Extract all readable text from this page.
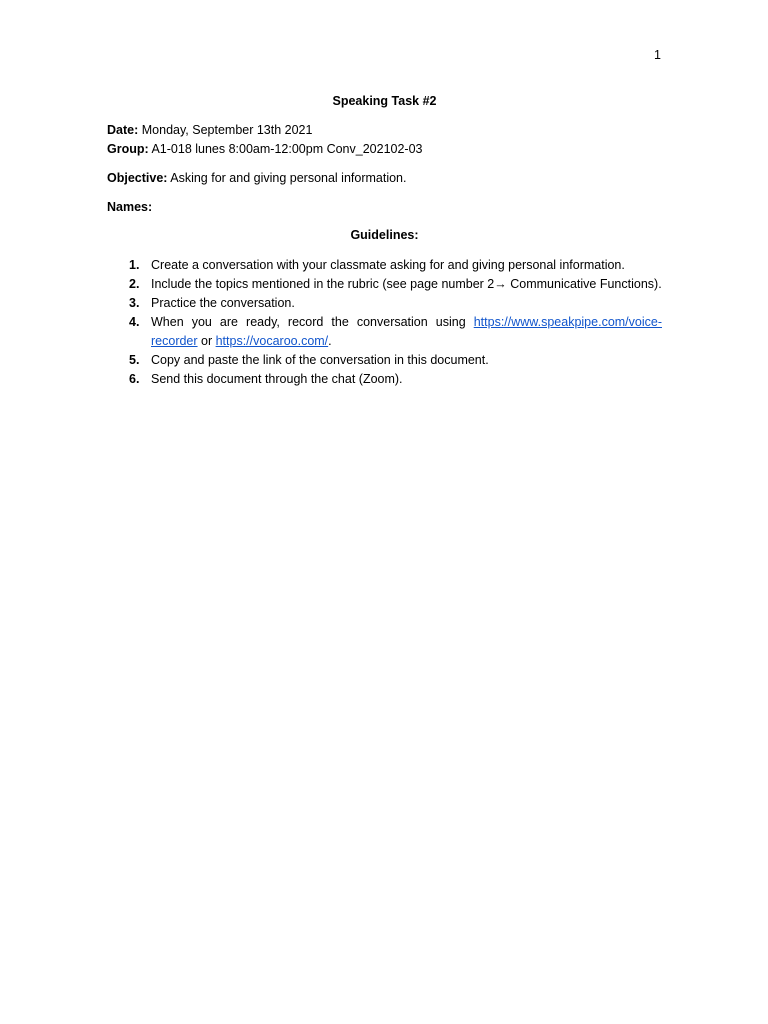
1
Speaking Task #2
Date: Monday, September 13th 2021
Group: A1-018 lunes 8:00am-12:00pm Conv_202102-03
Objective: Asking for and giving personal information.
Names:
Guidelines:
1. Create a conversation with your classmate asking for and giving personal information.
2. Include the topics mentioned in the rubric (see page number 2→ Communicative Functions).
3. Practice the conversation.
4. When you are ready, record the conversation using https://www.speakpipe.com/voice-recorder or https://vocaroo.com/.
5. Copy and paste the link of the conversation in this document.
6. Send this document through the chat (Zoom).
